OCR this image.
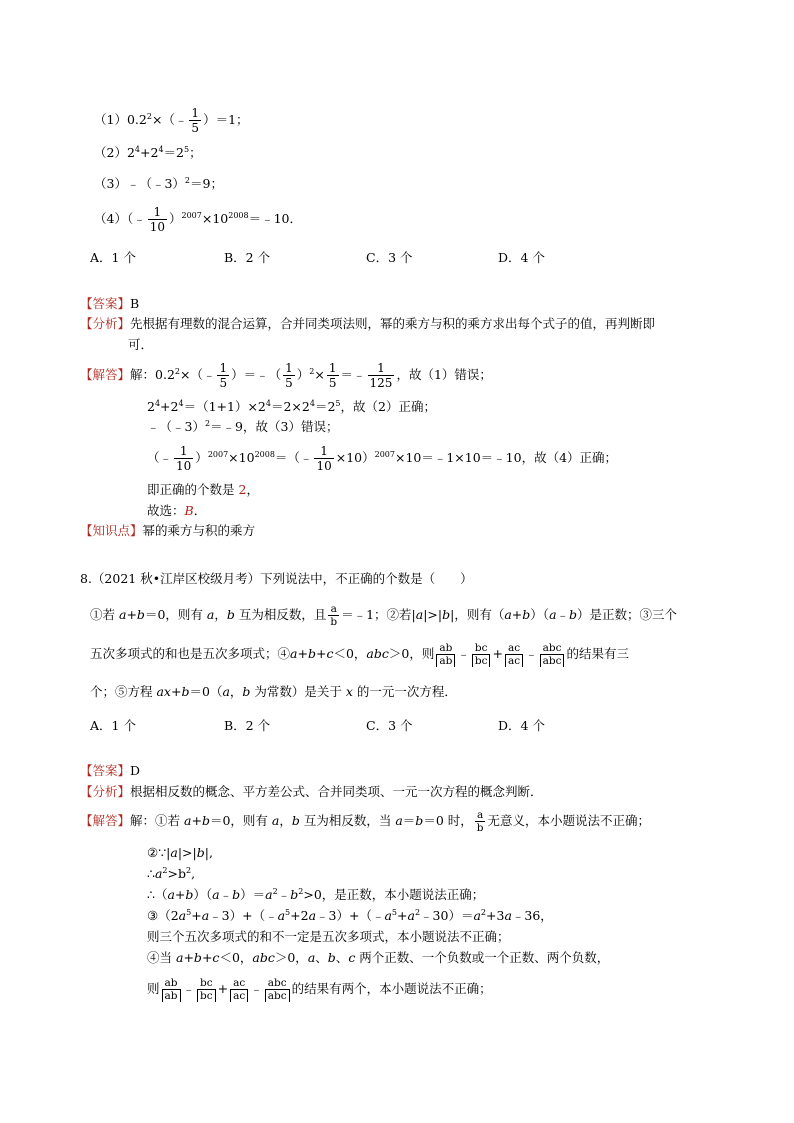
$(1)0.2^2\times(﹣ \frac{1}{5} )=1$；
$(2)2^4+2^4=2^5$；
（3）﹣（﹣3）$^2$＝9；
（4）（﹣ $\frac{1}{10}$ ）$^{2007}\times 10^{2008}=﹣10$．
A．1 个	B．2 个	C．3 个	D．4 个
【答案】B
【分析】先根据有理数的混合运算，合并同类项法则，幂的乘方与积的乘方求出每个式子的值，再判断即
可．
【解答】解：$0.2^2\times(﹣ \frac{1}{5}$ ）＝﹣（ $\frac{1}{5} )^2\times \frac{1}{5}$ ＝﹣ $\frac{1}{125}$ ，故（1）错误；
$2^4+2^4=(1+1)\times 2^4=2\times 2^4=2^5$，故（2）正确；
﹣（﹣3）$^2$＝﹣9，故（3）错误；
（﹣ $\frac{1}{10}$ ）$^{2007}\times 10^{2008}=(﹣ \frac{1}{10}$ ×10）$^{2007}$×10＝﹣1×10＝﹣10，故（4）正确；
即正确的个数是 2，
故选：B．
【知识点】幂的乘方与积的乘方
8.（2021 秋•江岸区校级月考）下列说法中，不正确的个数是（　　）
①若 a+b＝0，则有 a，b 互为相反数，且 $\frac{a}{b}$ ＝﹣1；②若|a|>|b|，则有（a+b）（a﹣b）是正数；③三个
五次多项式的和也是五次多项式；④a+b+c＜0，abc＞0，则 $\frac{ab}{ab}$ ﹣ $\frac{bc}{bc} + \frac{ac}{ac}$ ﹣ $\frac{\text{abc}}{\text{abc}}$ 的结果有三
个；⑤方程 ax+b＝0（a，b 为常数）是关于 x 的一元一次方程．
A．1 个	B．2 个	C．3 个	D．4 个
【答案】D
【分析】根据相反数的概念、平方差公式、合并同类项、一元一次方程的概念判断．
【解答】解：①若 a+b＝0，则有 a，b 互为相反数，当 a＝b＝0 时， $\frac{a}{b}$ 无意义，本小题说法不正确；
②∵|a|>|b|,
$\therefore a^2>b^2$,
$\therefore(a+b)(a﹣b)=a^2﹣b^2>0$，是正数，本小题说法正确；
$③(2a^5+a﹣3)+(﹣a^5+2a﹣3)+(﹣a^5+a^2﹣30)=a^2+3a﹣36$，
则三个五次多项式的和不一定是五次多项式，本小题说法不正确；
④当 a+b+c＜0，abc＞0，a、b、c 两个正数、一个负数或一个正数、两个负数，
则 $\frac{ab}{ab}$ ﹣ $\frac{bc}{bc} + \frac{ac}{ac}$ ﹣ $\frac{\text{abc}}{\text{abc}}$ 的结果有两个，本小题说法不正确；
